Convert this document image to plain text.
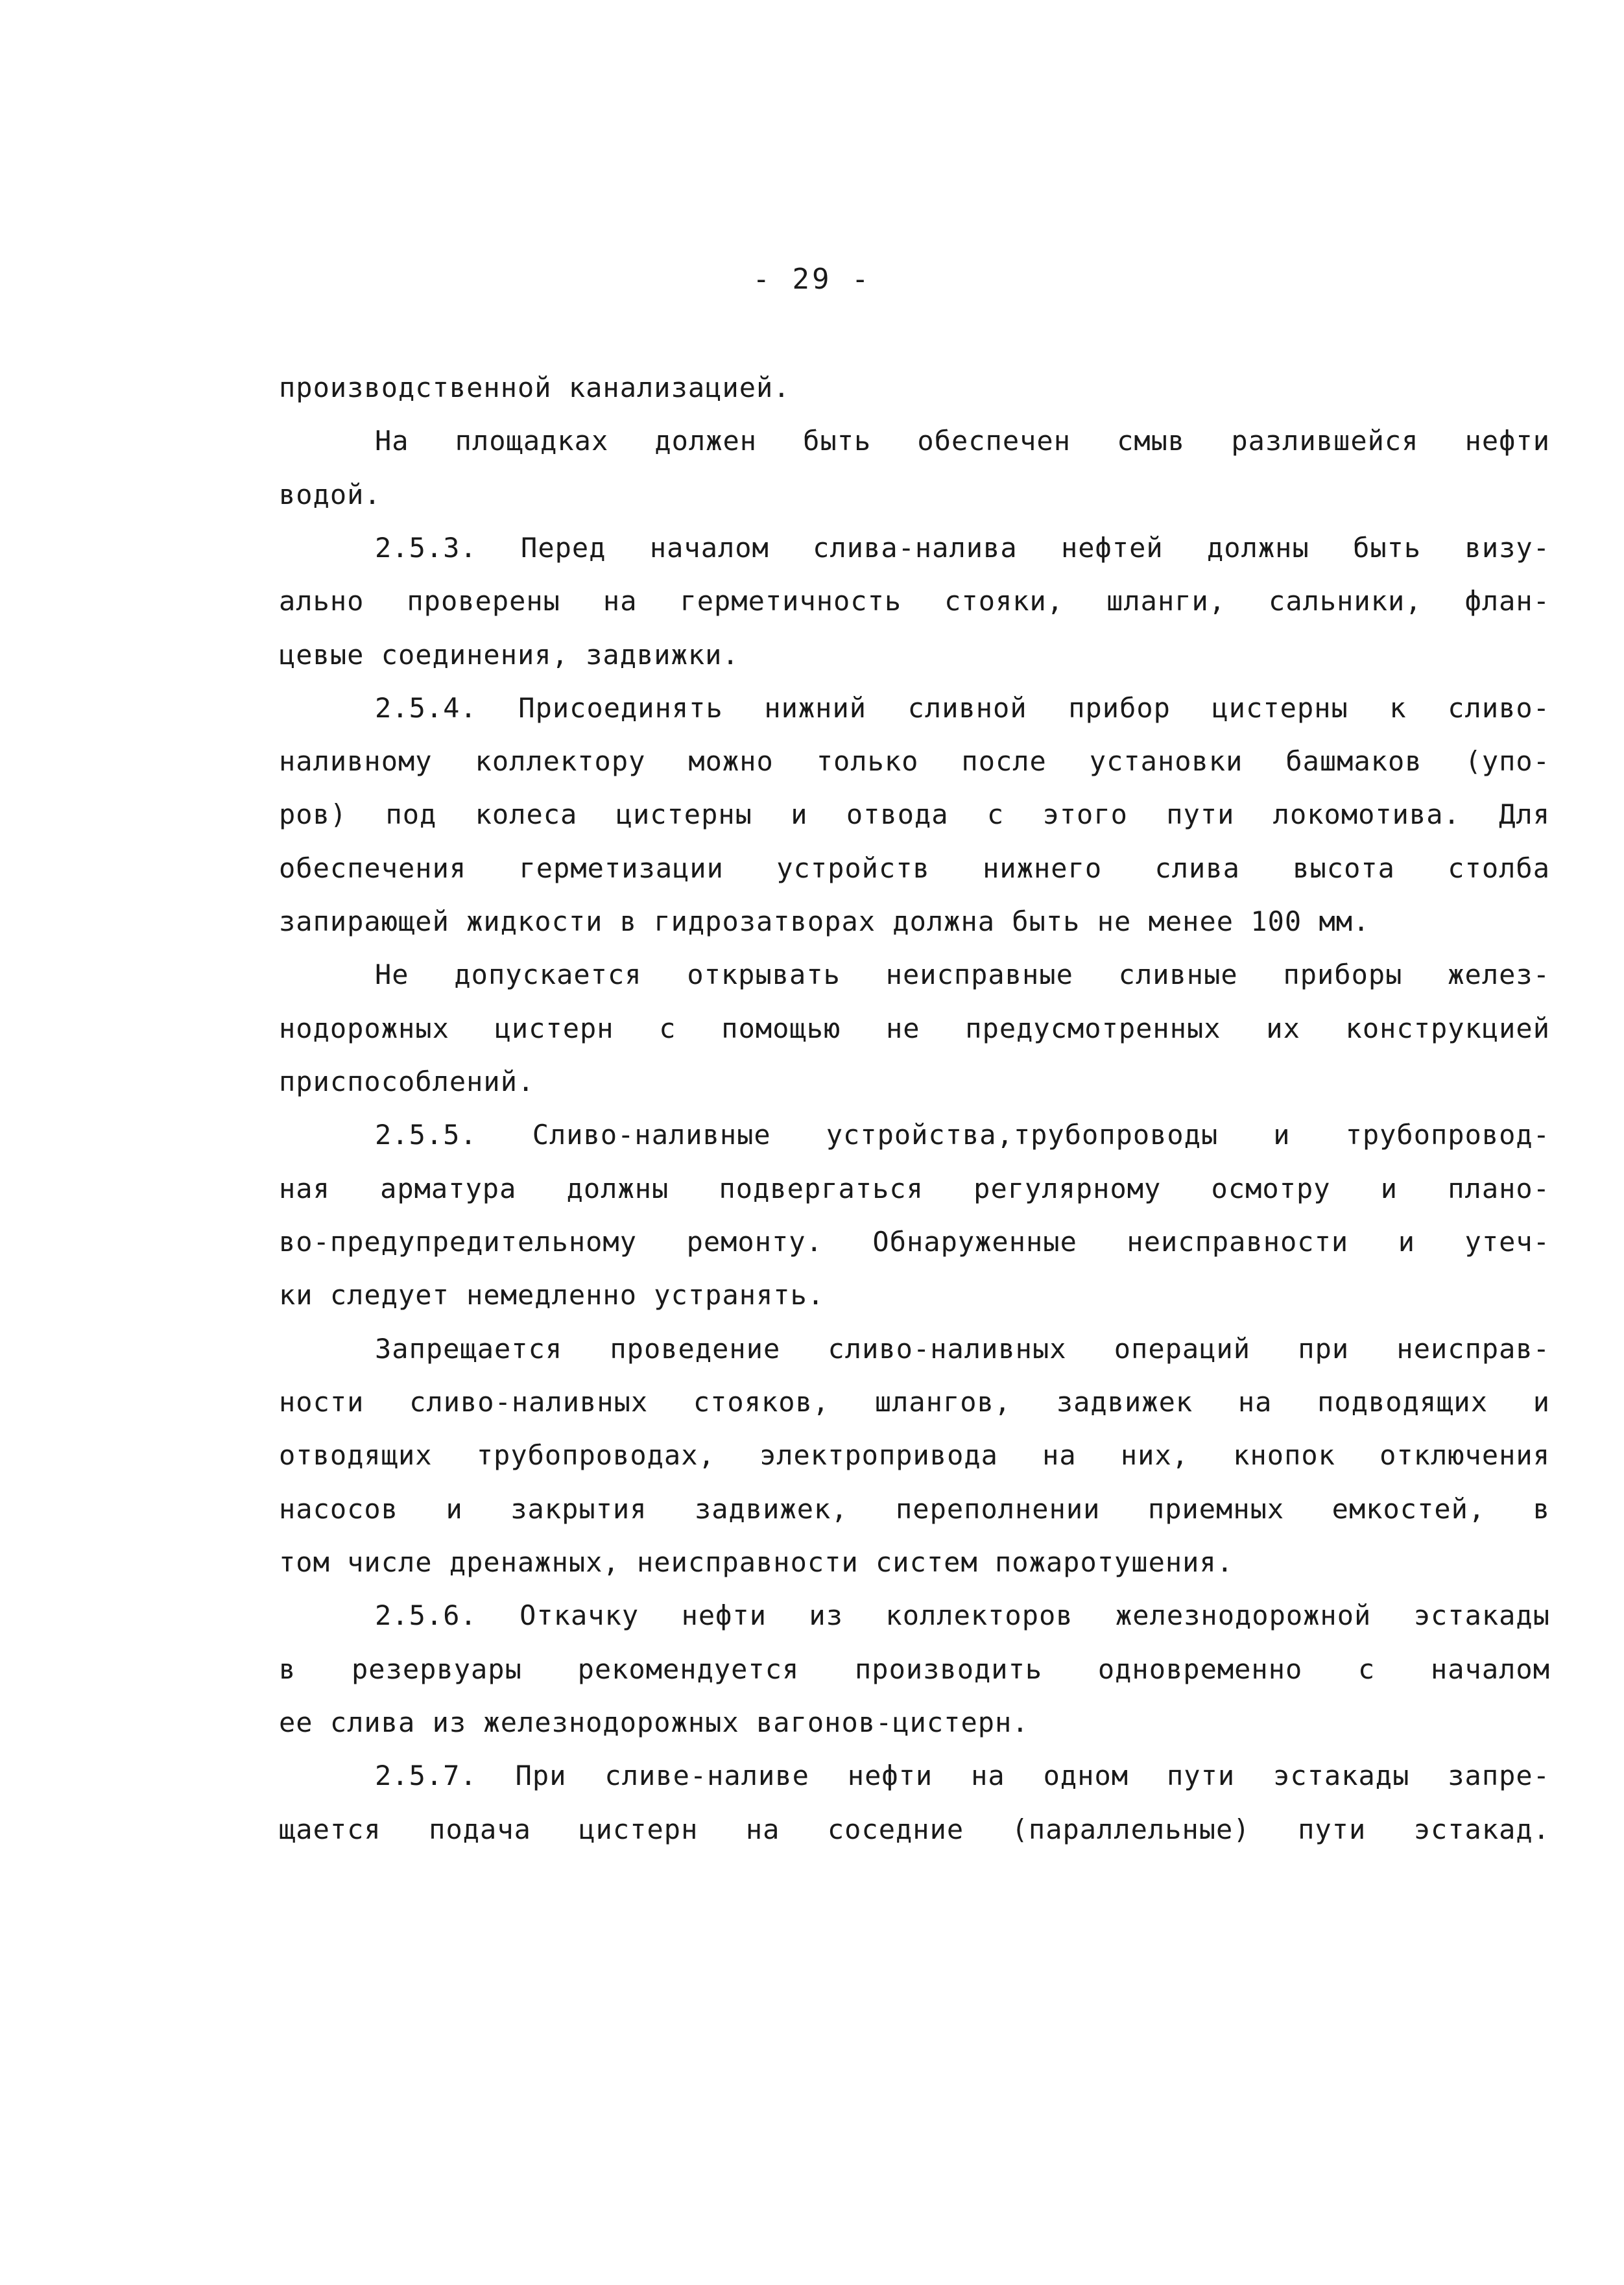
- 29 -
производственной канализацией.
На площадках должен быть обеспечен смыв разлившейся нефти
водой.
2.5.3. Перед началом слива-налива нефтей должны быть визу-
ально проверены на герметичность стояки, шланги, сальники, флан-
цевые соединения, задвижки.
2.5.4. Присоединять нижний сливной прибор цистерны к сливо-
наливному коллектору можно только после установки башмаков (упо-
ров) под колеса цистерны и отвода с этого пути локомотива. Для
обеспечения герметизации устройств нижнего слива высота столба
запирающей жидкости в гидрозатворах должна быть не менее 100 мм.
Не допускается открывать неисправные сливные приборы желез-
нодорожных цистерн с помощью не предусмотренных их конструкцией
приспособлений.
2.5.5. Сливо-наливные устройства,трубопроводы и трубопровод-
ная арматура должны подвергаться регулярному осмотру и плано-
во-предупредительному ремонту. Обнаруженные неисправности и утеч-
ки следует немедленно устранять.
Запрещается проведение сливо-наливных операций при неисправ-
ности сливо-наливных стояков, шлангов, задвижек на подводящих и
отводящих трубопроводах, электропривода на них, кнопок отключения
насосов и закрытия задвижек, переполнении приемных емкостей, в
том числе дренажных, неисправности систем пожаротушения.
2.5.6. Откачку нефти из коллекторов железнодорожной эстакады
в резервуары рекомендуется производить одновременно с началом
ее слива из железнодорожных вагонов-цистерн.
2.5.7. При сливе-наливе нефти на одном пути эстакады запре-
щается подача цистерн на соседние (параллельные) пути эстакад.
